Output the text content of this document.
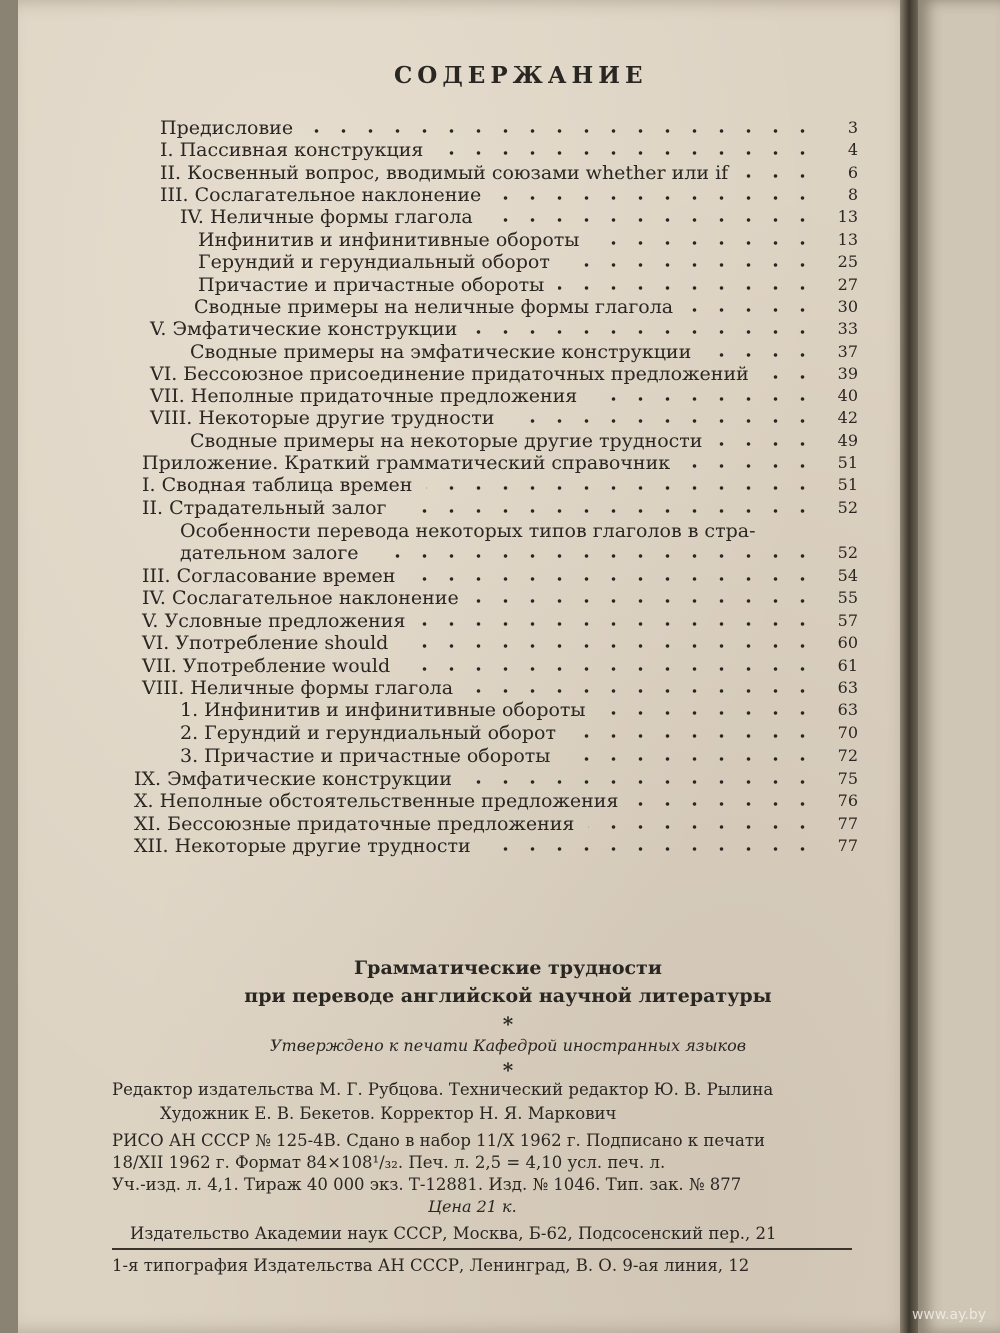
СОДЕРЖАНИЕ
Предисловие	3
I. Пассивная конструкция	4
II. Косвенный вопрос, вводимый союзами whether или if	6
III. Сослагательное наклонение	8
IV. Неличные формы глагола	13
Инфинитив и инфинитивные обороты	13
Герундий и герундиальный оборот	25
Причастие и причастные обороты	27
Сводные примеры на неличные формы глагола	30
V. Эмфатические конструкции	33
Сводные примеры на эмфатические конструкции	37
VI. Бессоюзное присоединение придаточных предложений	39
VII. Неполные придаточные предложения	40
VIII. Некоторые другие трудности	42
Сводные примеры на некоторые другие трудности	49
Приложение. Краткий грамматический справочник	51
I. Сводная таблица времен	51
II. Страдательный залог	52
Особенности перевода некоторых типов глаголов в стра-
дательном залоге	52
III. Согласование времен	54
IV. Сослагательное наклонение	55
V. Условные предложения	57
VI. Употребление should	60
VII. Употребление would	61
VIII. Неличные формы глагола	63
1. Инфинитив и инфинитивные обороты	63
2. Герундий и герундиальный оборот	70
3. Причастие и причастные обороты	72
IX. Эмфатические конструкции	75
X. Неполные обстоятельственные предложения	76
XI. Бессоюзные придаточные предложения	77
XII. Некоторые другие трудности	77
Грамматические трудности
при переводе английской научной литературы
*
Утверждено к печати Кафедрой иностранных языков
*
Редактор издательства М. Г. Рубцова. Технический редактор Ю. В. Рылина
Художник Е. В. Бекетов. Корректор Н. Я. Маркович
РИСО АН СССР № 125-4В. Сдано в набор 11/X 1962 г. Подписано к печати
18/XII 1962 г. Формат 84×108¹/₃₂. Печ. л. 2,5 = 4,10 усл. печ. л.
Уч.-изд. л. 4,1. Тираж 40 000 экз. Т-12881. Изд. № 1046. Тип. зак. № 877
Цена 21 к.
Издательство Академии наук СССР, Москва, Б-62, Подсосенский пер., 21
1-я типография Издательства АН СССР, Ленинград, В. О. 9-ая линия, 12
www.ay.by
